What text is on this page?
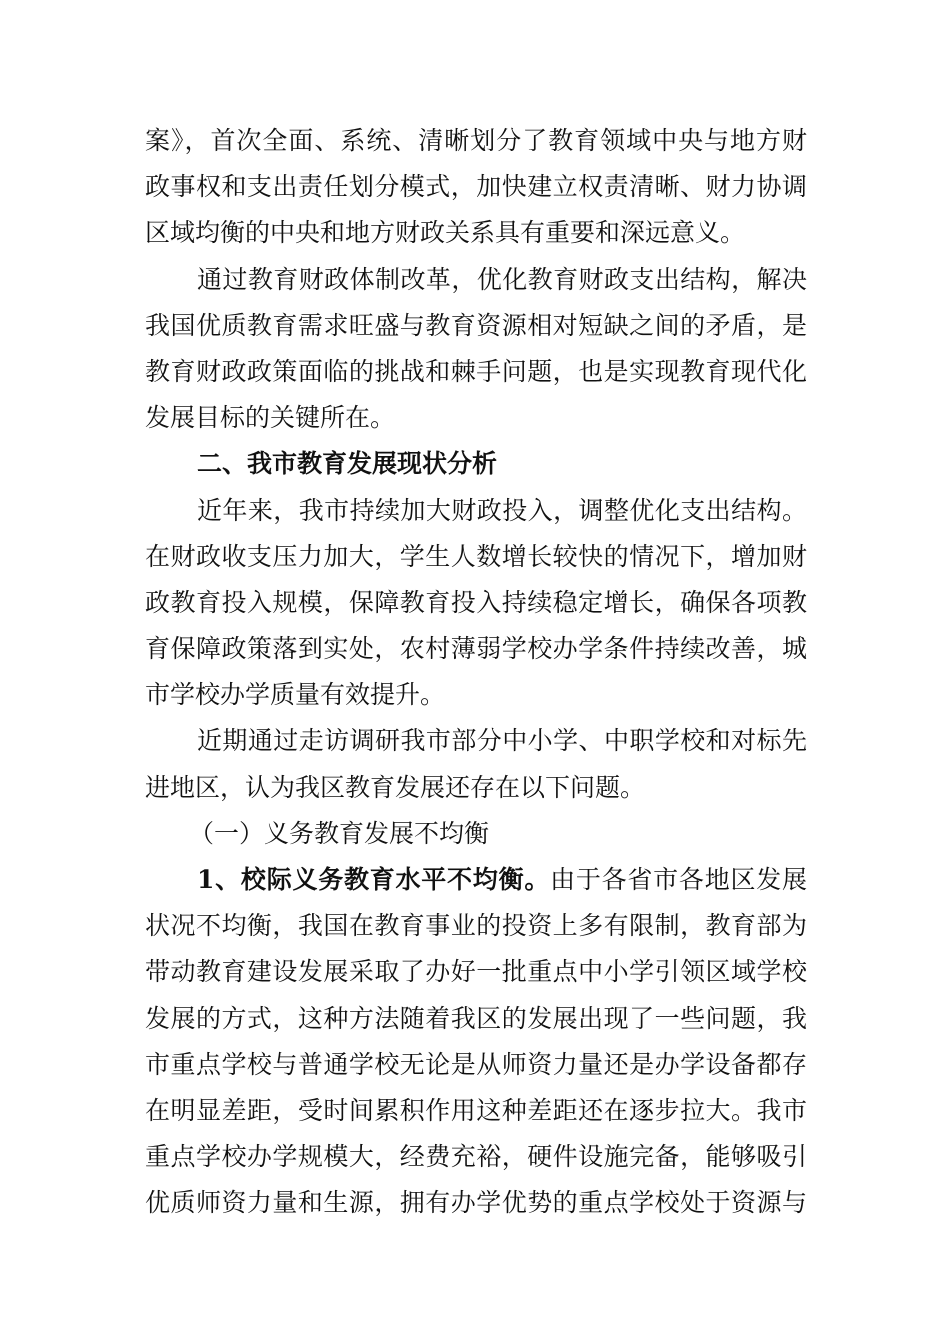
案》，首次全面、系统、清晰划分了教育领域中央与地方财
政事权和支出责任划分模式，加快建立权责清晰、财力协调
区域均衡的中央和地方财政关系具有重要和深远意义。
通过教育财政体制改革，优化教育财政支出结构，解决
我国优质教育需求旺盛与教育资源相对短缺之间的矛盾，是
教育财政政策面临的挑战和棘手问题，也是实现教育现代化
发展目标的关键所在。
二、我市教育发展现状分析
近年来，我市持续加大财政投入，调整优化支出结构。
在财政收支压力加大，学生人数增长较快的情况下，增加财
政教育投入规模，保障教育投入持续稳定增长，确保各项教
育保障政策落到实处，农村薄弱学校办学条件持续改善，城
市学校办学质量有效提升。
近期通过走访调研我市部分中小学、中职学校和对标先
进地区，认为我区教育发展还存在以下问题。
（一）义务教育发展不均衡
1、校际义务教育水平不均衡。由于各省市各地区发展
状况不均衡，我国在教育事业的投资上多有限制，教育部为
带动教育建设发展采取了办好一批重点中小学引领区域学校
发展的方式，这种方法随着我区的发展出现了一些问题，我
市重点学校与普通学校无论是从师资力量还是办学设备都存
在明显差距，受时间累积作用这种差距还在逐步拉大。我市
重点学校办学规模大，经费充裕，硬件设施完备，能够吸引
优质师资力量和生源，拥有办学优势的重点学校处于资源与
